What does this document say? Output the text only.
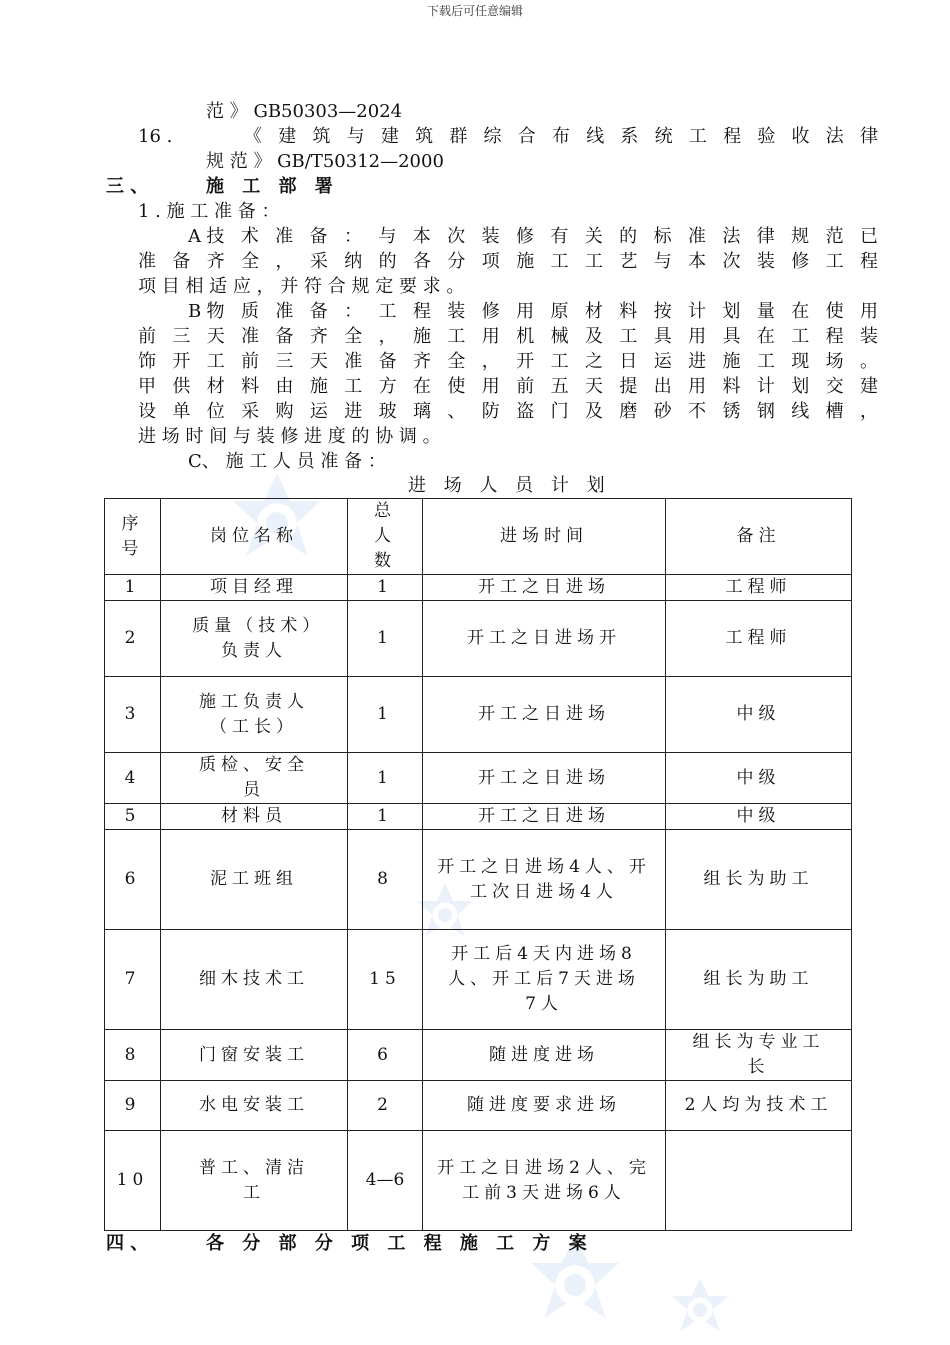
下载后可任意编辑
范 》 GB50303—2024
16 .	《 建 筑 与 建 筑 群 综 合 布 线 系 统 工 程 验 收 法 律
规 范 》 GB/T50312—2000
三 、	施 工 部 署
1 . 施 工 准 备 ：
A技 术 准 备 ： 与 本 次 装 修 有 关 的 标 准 法 律 规 范 已
准 备 齐 全 ， 采 纳 的 各 分 项 施 工 工 艺 与 本 次 装 修 工 程
项 目 相 适 应 ， 并 符 合 规 定 要 求 。
B物 质 准 备 ： 工 程 装 修 用 原 材 料 按 计 划 量 在 使 用
前 三 天 准 备 齐 全 ， 施 工 用 机 械 及 工 具 用 具 在 工 程 装
饰 开 工 前 三 天 准 备 齐 全 ， 开 工 之 日 运 进 施 工 现 场 。
甲 供 材 料 由 施 工 方 在 使 用 前 五 天 提 出 用 料 计 划 交 建
设 单 位 采 购 运 进 玻 璃 、 防 盗 门 及 磨 砂 不 锈 钢 线 槽 ，
进 场 时 间 与 装 修 进 度 的 协 调 。
C、 施 工 人 员 准 备 ：
进 场 人 员 计 划
序号	岗位名称	总人数	进场时间	备注
1	项目经理	1	开工之日进场	工程师
2	质量（技术）负责人	1	开工之日进场开	工程师
3	施工负责人（工长）	1	开工之日进场	中级
4	质检、安全员	1	开工之日进场	中级
5	材料员	1	开工之日进场	中级
6	泥工班组	8	开工之日进场4人、开工次日进场4人	组长为助工
7	细木技术工	15	开工后4天内进场8人、开工后7天进场7人	组长为助工
8	门窗安装工	6	随进度进场	组长为专业工长
9	水电安装工	2	随进度要求进场	2人均为技术工
10	普工、清洁工	4—6	开工之日进场2人、完工前3天进场6人	
四 、	各 分 部 分 项 工 程 施 工 方 案
